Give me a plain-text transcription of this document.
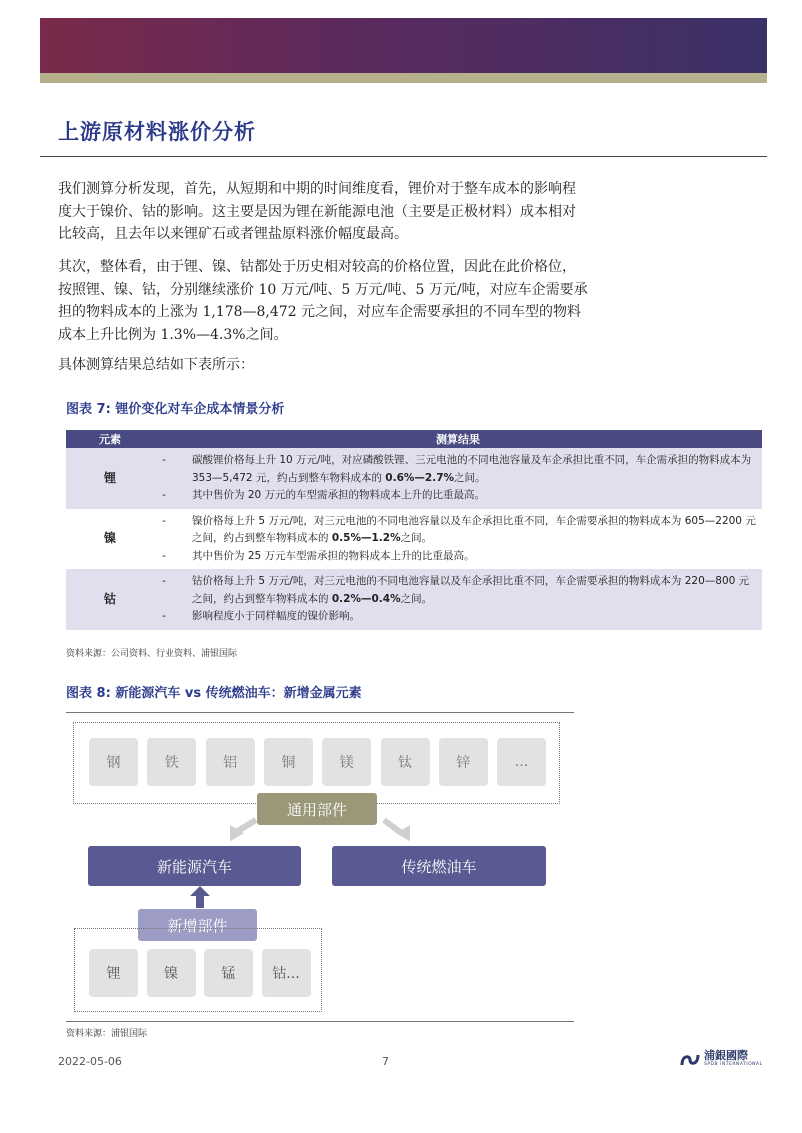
上游原材料涨价分析

我们测算分析发现，首先，从短期和中期的时间维度看，锂价对于整车成本的影响程度大于镍价、钴的影响。这主要是因为锂在新能源电池（主要是正极材料）成本相对比较高，且去年以来锂矿石或者锂盐原料涨价幅度最高。

其次，整体看，由于锂、镍、钴都处于历史相对较高的价格位置，因此在此价格位，按照锂、镍、钴，分别继续涨价 10 万元/吨、5 万元/吨、5 万元/吨，对应车企需要承担的物料成本的上涨为 1,178—8,472 元之间，对应车企需要承担的不同车型的物料成本上升比例为 1.3%—4.3%之间。

具体测算结果总结如下表所示：

图表 7: 锂价变化对车企成本情景分析
元素	测算结果
锂
-	碳酸锂价格每上升 10 万元/吨，对应磷酸铁锂、三元电池的不同电池容量及车企承担比重不同，车企需承担的物料成本为 353—5,472 元，约占到整车物料成本的 0.6%—2.7%之间。
-	其中售价为 20 万元的车型需承担的物料成本上升的比重最高。
镍
-	镍价格每上升 5 万元/吨，对三元电池的不同电池容量以及车企承担比重不同，车企需要承担的物料成本为 605—2200 元之间，约占到整车物料成本的 0.5%—1.2%之间。
-	其中售价为 25 万元车型需承担的物料成本上升的比重最高。
钴
-	钴价格每上升 5 万元/吨，对三元电池的不同电池容量以及车企承担比重不同，车企需要承担的物料成本为 220—800 元之间，约占到整车物料成本的 0.2%—0.4%之间。
-	影响程度小于同样幅度的镍价影响。
资料来源：公司资料、行业资料、浦银国际
图表 8: 新能源汽车 vs 传统燃油车：新增金属元素
钢	铁	铝	铜	镁	钛	锌	...
通用部件
新能源汽车	传统燃油车
新增部件
锂	镍	锰	钴...
资料来源：浦银国际
2022-05-06	7	浦銀國際
SPDB INTERNATIONAL
